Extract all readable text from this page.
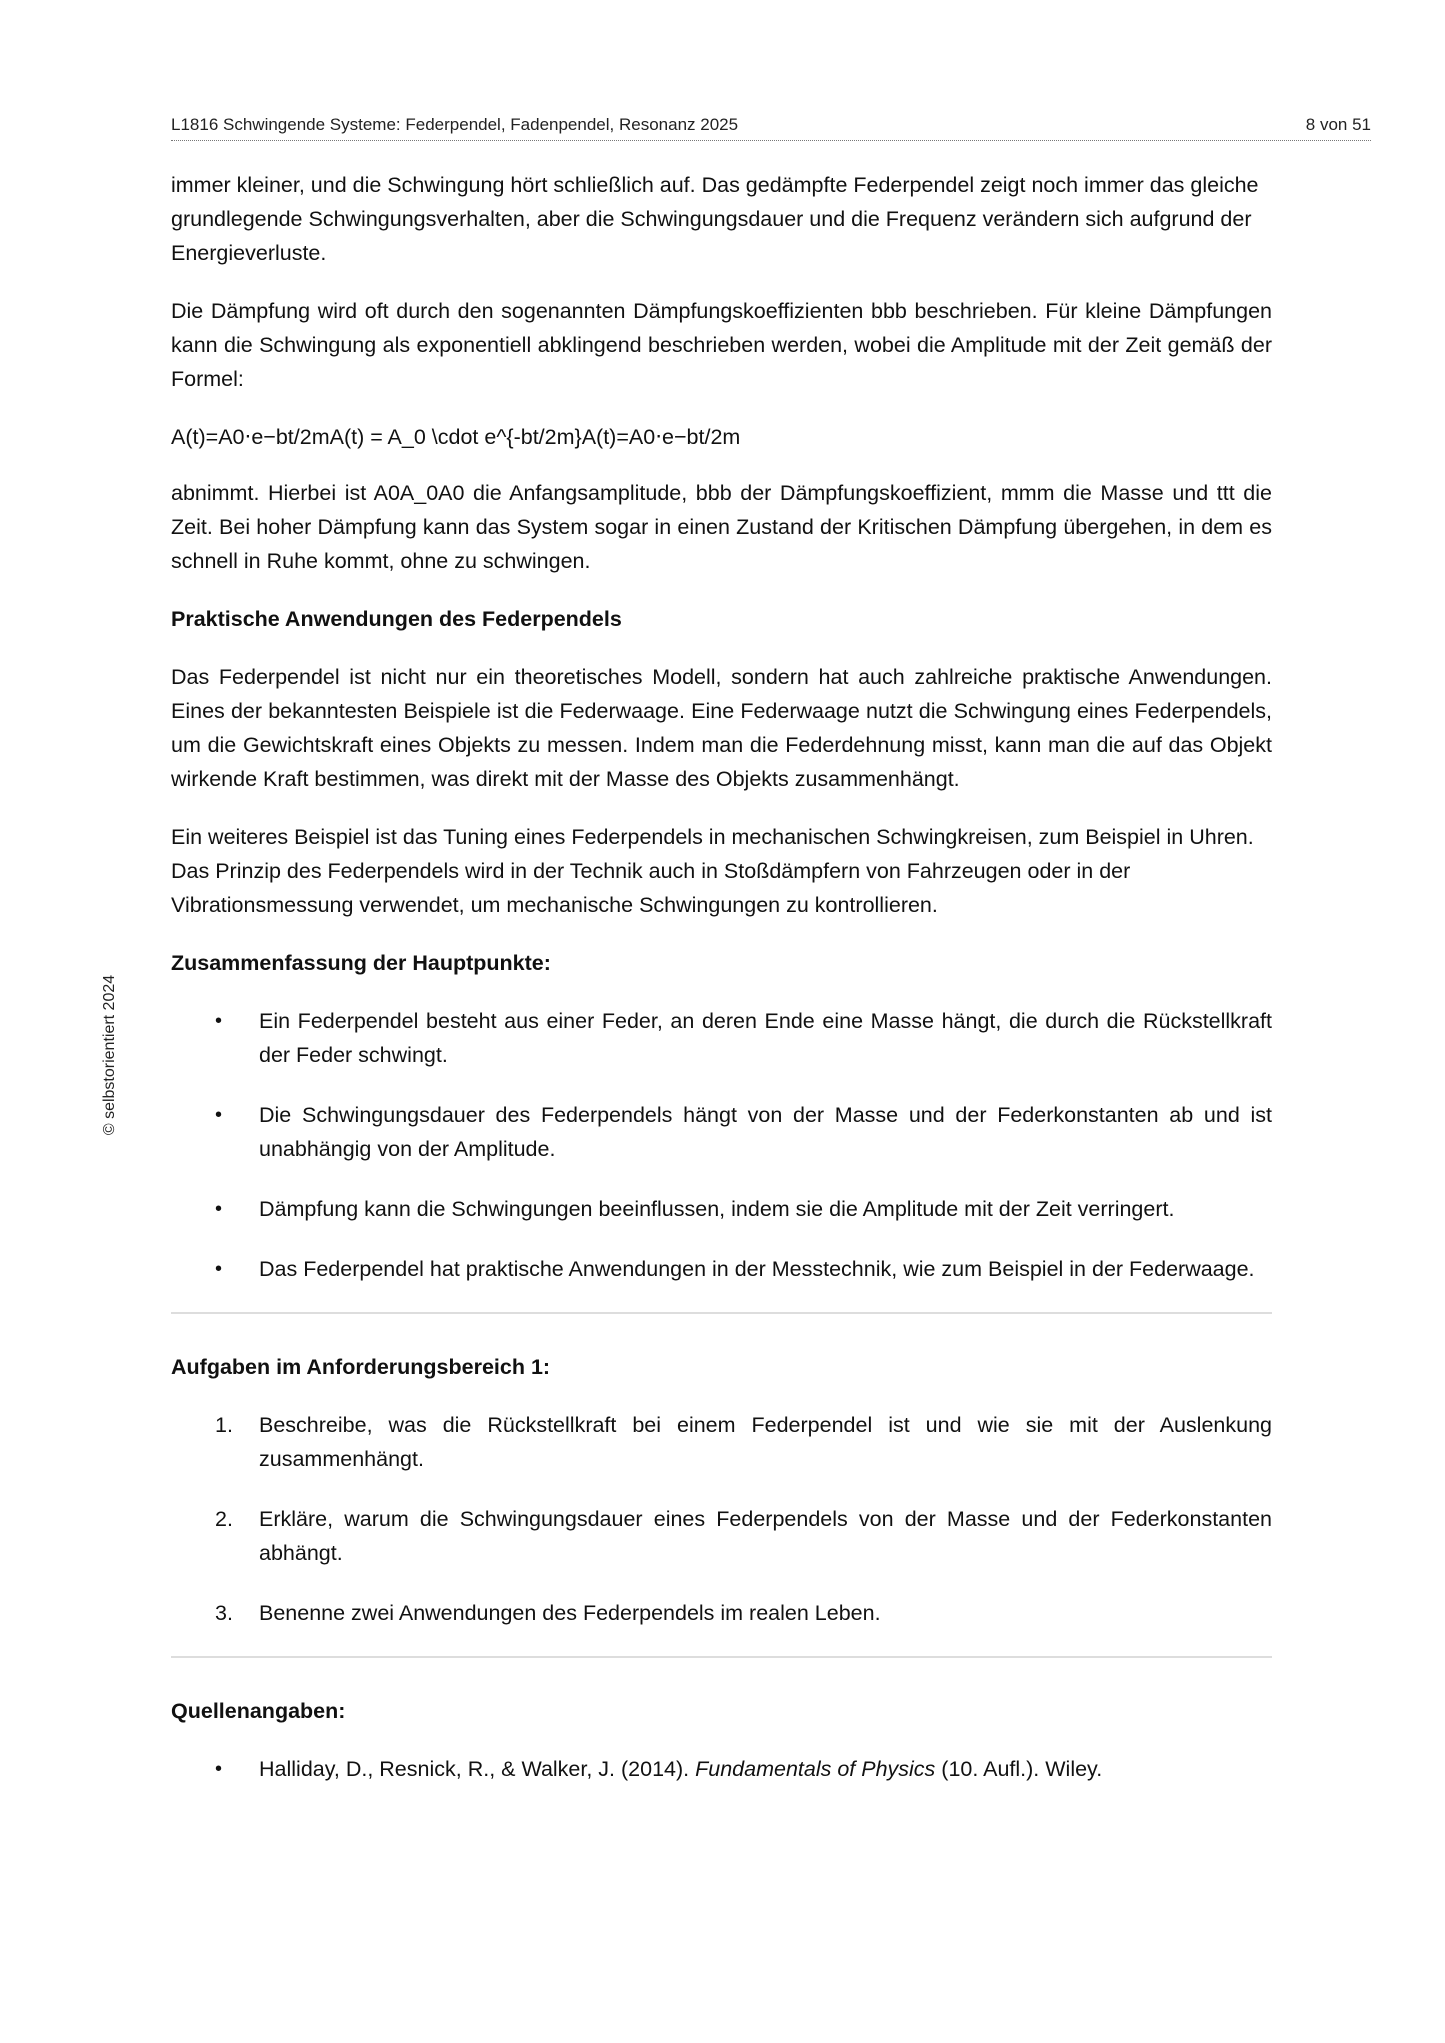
L1816 Schwingende Systeme: Federpendel, Fadenpendel, Resonanz 2025	8 von 51
© selbstorientiert 2024

immer kleiner, und die Schwingung hört schließlich auf. Das gedämpfte Federpendel zeigt noch immer das gleiche grundlegende Schwingungsverhalten, aber die Schwingungsdauer und die Frequenz verändern sich aufgrund der Energieverluste.

Die Dämpfung wird oft durch den sogenannten Dämpfungskoeffizienten bbb beschrieben. Für kleine Dämpfungen kann die Schwingung als exponentiell abklingend beschrieben werden, wobei die Amplitude mit der Zeit gemäß der Formel:

A(t)=A0⋅e−bt/2mA(t) = A_0 \cdot e^{-bt/2m}A(t)=A0⋅e−bt/2m

abnimmt. Hierbei ist A0A_0A0 die Anfangsamplitude, bbb der Dämpfungskoeffizient, mmm die Masse und ttt die Zeit. Bei hoher Dämpfung kann das System sogar in einen Zustand der Kritischen Dämpfung übergehen, in dem es schnell in Ruhe kommt, ohne zu schwingen.

Praktische Anwendungen des Federpendels

Das Federpendel ist nicht nur ein theoretisches Modell, sondern hat auch zahlreiche praktische Anwendungen. Eines der bekanntesten Beispiele ist die Federwaage. Eine Federwaage nutzt die Schwingung eines Federpendels, um die Gewichtskraft eines Objekts zu messen. Indem man die Federdehnung misst, kann man die auf das Objekt wirkende Kraft bestimmen, was direkt mit der Masse des Objekts zusammenhängt.

Ein weiteres Beispiel ist das Tuning eines Federpendels in mechanischen Schwingkreisen, zum Beispiel in Uhren. Das Prinzip des Federpendels wird in der Technik auch in Stoßdämpfern von Fahrzeugen oder in der Vibrationsmessung verwendet, um mechanische Schwingungen zu kontrollieren.

Zusammenfassung der Hauptpunkte:
• Ein Federpendel besteht aus einer Feder, an deren Ende eine Masse hängt, die durch die Rückstellkraft der Feder schwingt.
• Die Schwingungsdauer des Federpendels hängt von der Masse und der Federkonstanten ab und ist unabhängig von der Amplitude.
• Dämpfung kann die Schwingungen beeinflussen, indem sie die Amplitude mit der Zeit verringert.
• Das Federpendel hat praktische Anwendungen in der Messtechnik, wie zum Beispiel in der Federwaage.
Aufgaben im Anforderungsbereich 1:
1. Beschreibe, was die Rückstellkraft bei einem Federpendel ist und wie sie mit der Auslenkung zusammenhängt.
2. Erkläre, warum die Schwingungsdauer eines Federpendels von der Masse und der Federkonstanten abhängt.
3. Benenne zwei Anwendungen des Federpendels im realen Leben.
Quellenangaben:
• Halliday, D., Resnick, R., & Walker, J. (2014). Fundamentals of Physics (10. Aufl.). Wiley.
